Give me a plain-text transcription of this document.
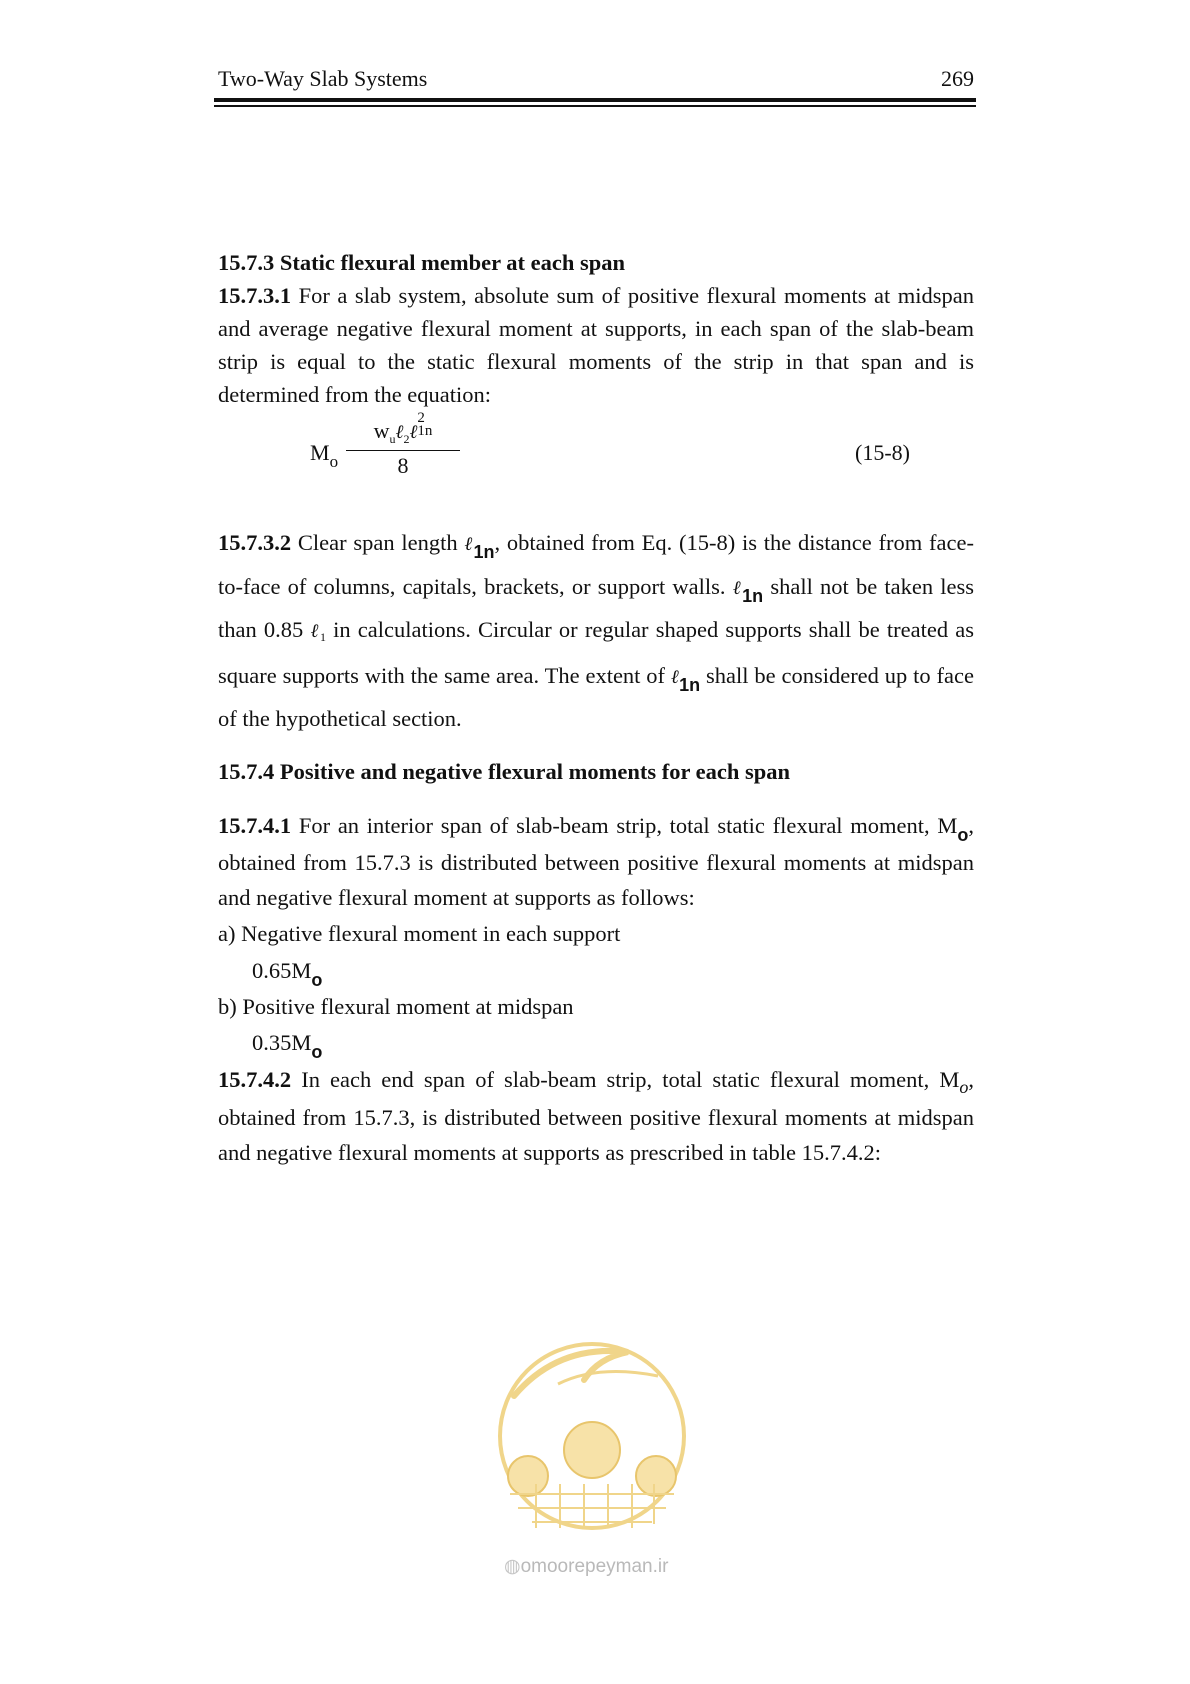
Two-Way Slab Systems	269
15.7.3 Static flexural member at each span
15.7.3.1 For a slab system, absolute sum of positive flexural moments at midspan and average negative flexural moment at supports, in each span of the slab-beam strip is equal to the static flexural moments of the strip in that span and is determined from the equation:
$M_o$
$w_u\ell_2\ell$
2
1n
8
(15-8)
15.7.3.2 Clear span length ℓ$_{1n}$, obtained from Eq. (15-8) is the distance from face-to-face of columns, capitals, brackets, or support walls. ℓ$_{1n}$ shall not be taken less than 0.85 ℓ1 in calculations. Circular or regular shaped supports shall be treated as square supports with the same area. The extent of ℓ$_{1n}$ shall be considered up to face of the hypothetical section.
15.7.4 Positive and negative flexural moments for each span
15.7.4.1 For an interior span of slab-beam strip, total static flexural moment, $M_o$, obtained from 15.7.3 is distributed between positive flexural moments at midspan and negative flexural moment at supports as follows:
a) Negative flexural moment in each support
$0.65M_o$
b) Positive flexural moment at midspan
$0.35M_o$
15.7.4.2 In each end span of slab-beam strip, total static flexural moment, $M_o$, obtained from 15.7.3, is distributed between positive flexural moments at midspan and negative flexural moments at supports as prescribed in table 15.7.4.2:
◍omoorepeyman.ir
